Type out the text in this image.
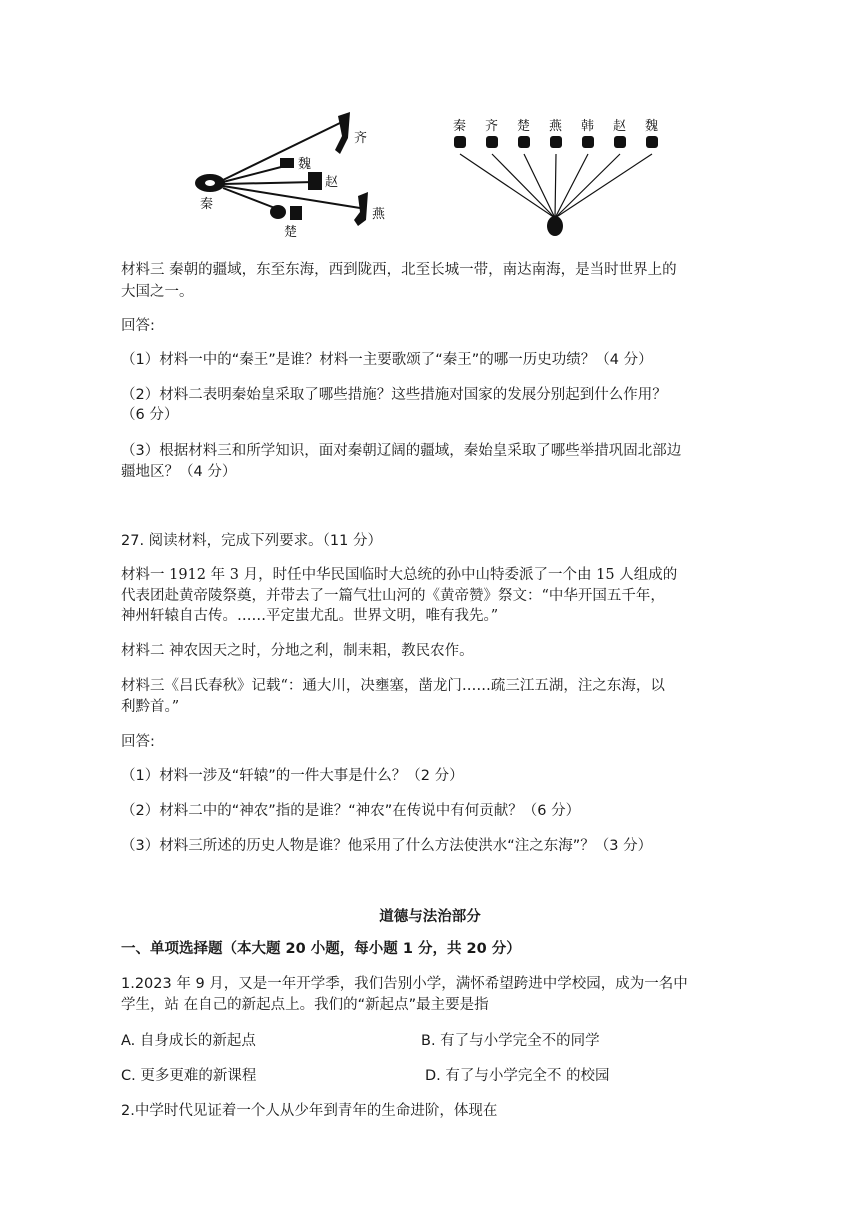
齐
魏
赵
秦
燕
楚
秦 齐 楚 燕 韩 赵 魏
材料三 秦朝的疆域，东至东海，西到陇西，北至长城一带，南达南海，是当时世界上的
大国之一。
回答:
（1）材料一中的“秦王”是谁？材料一主要歌颂了“秦王”的哪一历史功绩？（4 分）
（2）材料二表明秦始皇采取了哪些措施？这些措施对国家的发展分别起到什么作用？
（6 分）
（3）根据材料三和所学知识，面对秦朝辽阔的疆域，秦始皇采取了哪些举措巩固北部边
疆地区？（4 分）
27. 阅读材料，完成下列要求。（11 分）
材料一 1912 年 3 月，时任中华民国临时大总统的孙中山特委派了一个由 15 人组成的
代表团赴黄帝陵祭奠，并带去了一篇气壮山河的《黄帝赞》祭文：“中华开国五千年，
神州轩辕自古传。……平定蚩尤乱。世界文明，唯有我先。”
材料二 神农因天之时，分地之利，制耒耜，教民农作。
材料三《吕氏春秋》记载“：通大川，决壅塞，凿龙门……疏三江五湖，注之东海，以
利黔首。”
回答:
（1）材料一涉及“轩辕”的一件大事是什么？（2 分）
（2）材料二中的“神农”指的是谁？“神农”在传说中有何贡献？（6 分）
（3）材料三所述的历史人物是谁？他采用了什么方法使洪水“注之东海”？（3 分）
道德与法治部分
一、单项选择题（本大题 20 小题，每小题 1 分，共 20 分）
1.2023 年 9 月，又是一年开学季，我们告别小学，满怀希望跨进中学校园，成为一名中
学生，站 在自己的新起点上。我们的“新起点”最主要是指
A. 自身成长的新起点	B. 有了与小学完全不的同学
C. 更多更难的新课程	D. 有了与小学完全不 的校园
2.中学时代见证着一个人从少年到青年的生命进阶，体现在
